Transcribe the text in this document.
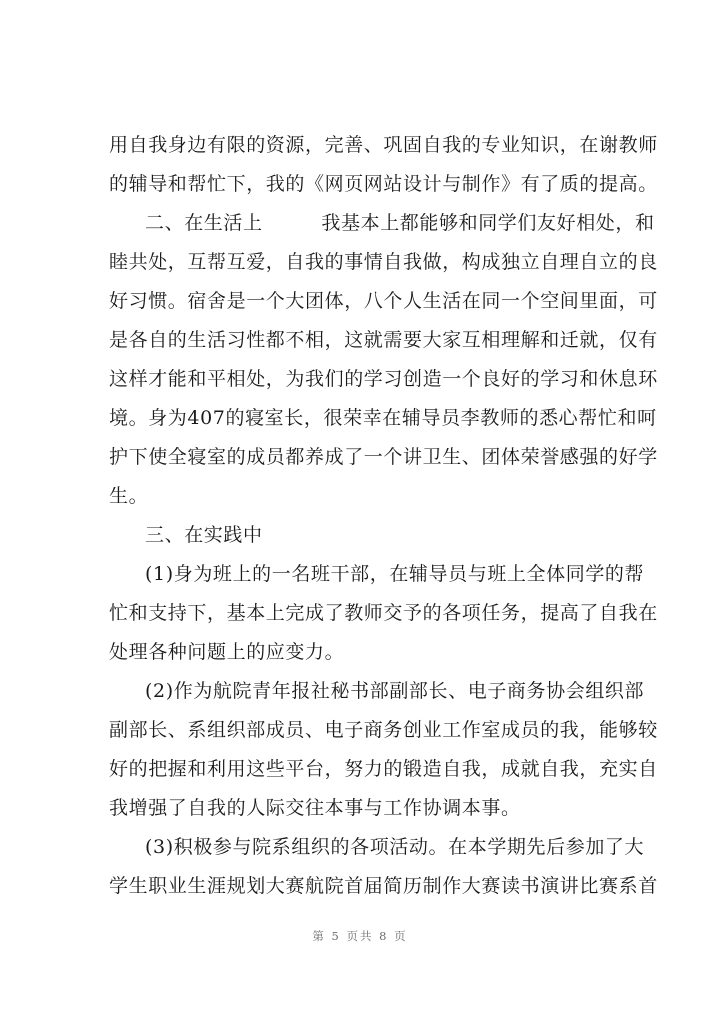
用自我身边有限的资源，完善、巩固自我的专业知识，在谢教师
的辅导和帮忙下，我的《网页网站设计与制作》有了质的提高。
二、在生活上　　　我基本上都能够和同学们友好相处，和
睦共处，互帮互爱，自我的事情自我做，构成独立自理自立的良
好习惯。宿舍是一个大团体，八个人生活在同一个空间里面，可
是各自的生活习性都不相，这就需要大家互相理解和迁就，仅有
这样才能和平相处，为我们的学习创造一个良好的学习和休息环
境。身为407的寝室长，很荣幸在辅导员李教师的悉心帮忙和呵
护下使全寝室的成员都养成了一个讲卫生、团体荣誉感强的好学
生。
三、在实践中
(1)身为班上的一名班干部，在辅导员与班上全体同学的帮
忙和支持下，基本上完成了教师交予的各项任务，提高了自我在
处理各种问题上的应变力。
(2)作为航院青年报社秘书部副部长、电子商务协会组织部
副部长、系组织部成员、电子商务创业工作室成员的我，能够较
好的把握和利用这些平台，努力的锻造自我，成就自我，充实自
我增强了自我的人际交往本事与工作协调本事。
(3)积极参与院系组织的各项活动。在本学期先后参加了大
学生职业生涯规划大赛航院首届简历制作大赛读书演讲比赛系首
第 5 页共 8 页
